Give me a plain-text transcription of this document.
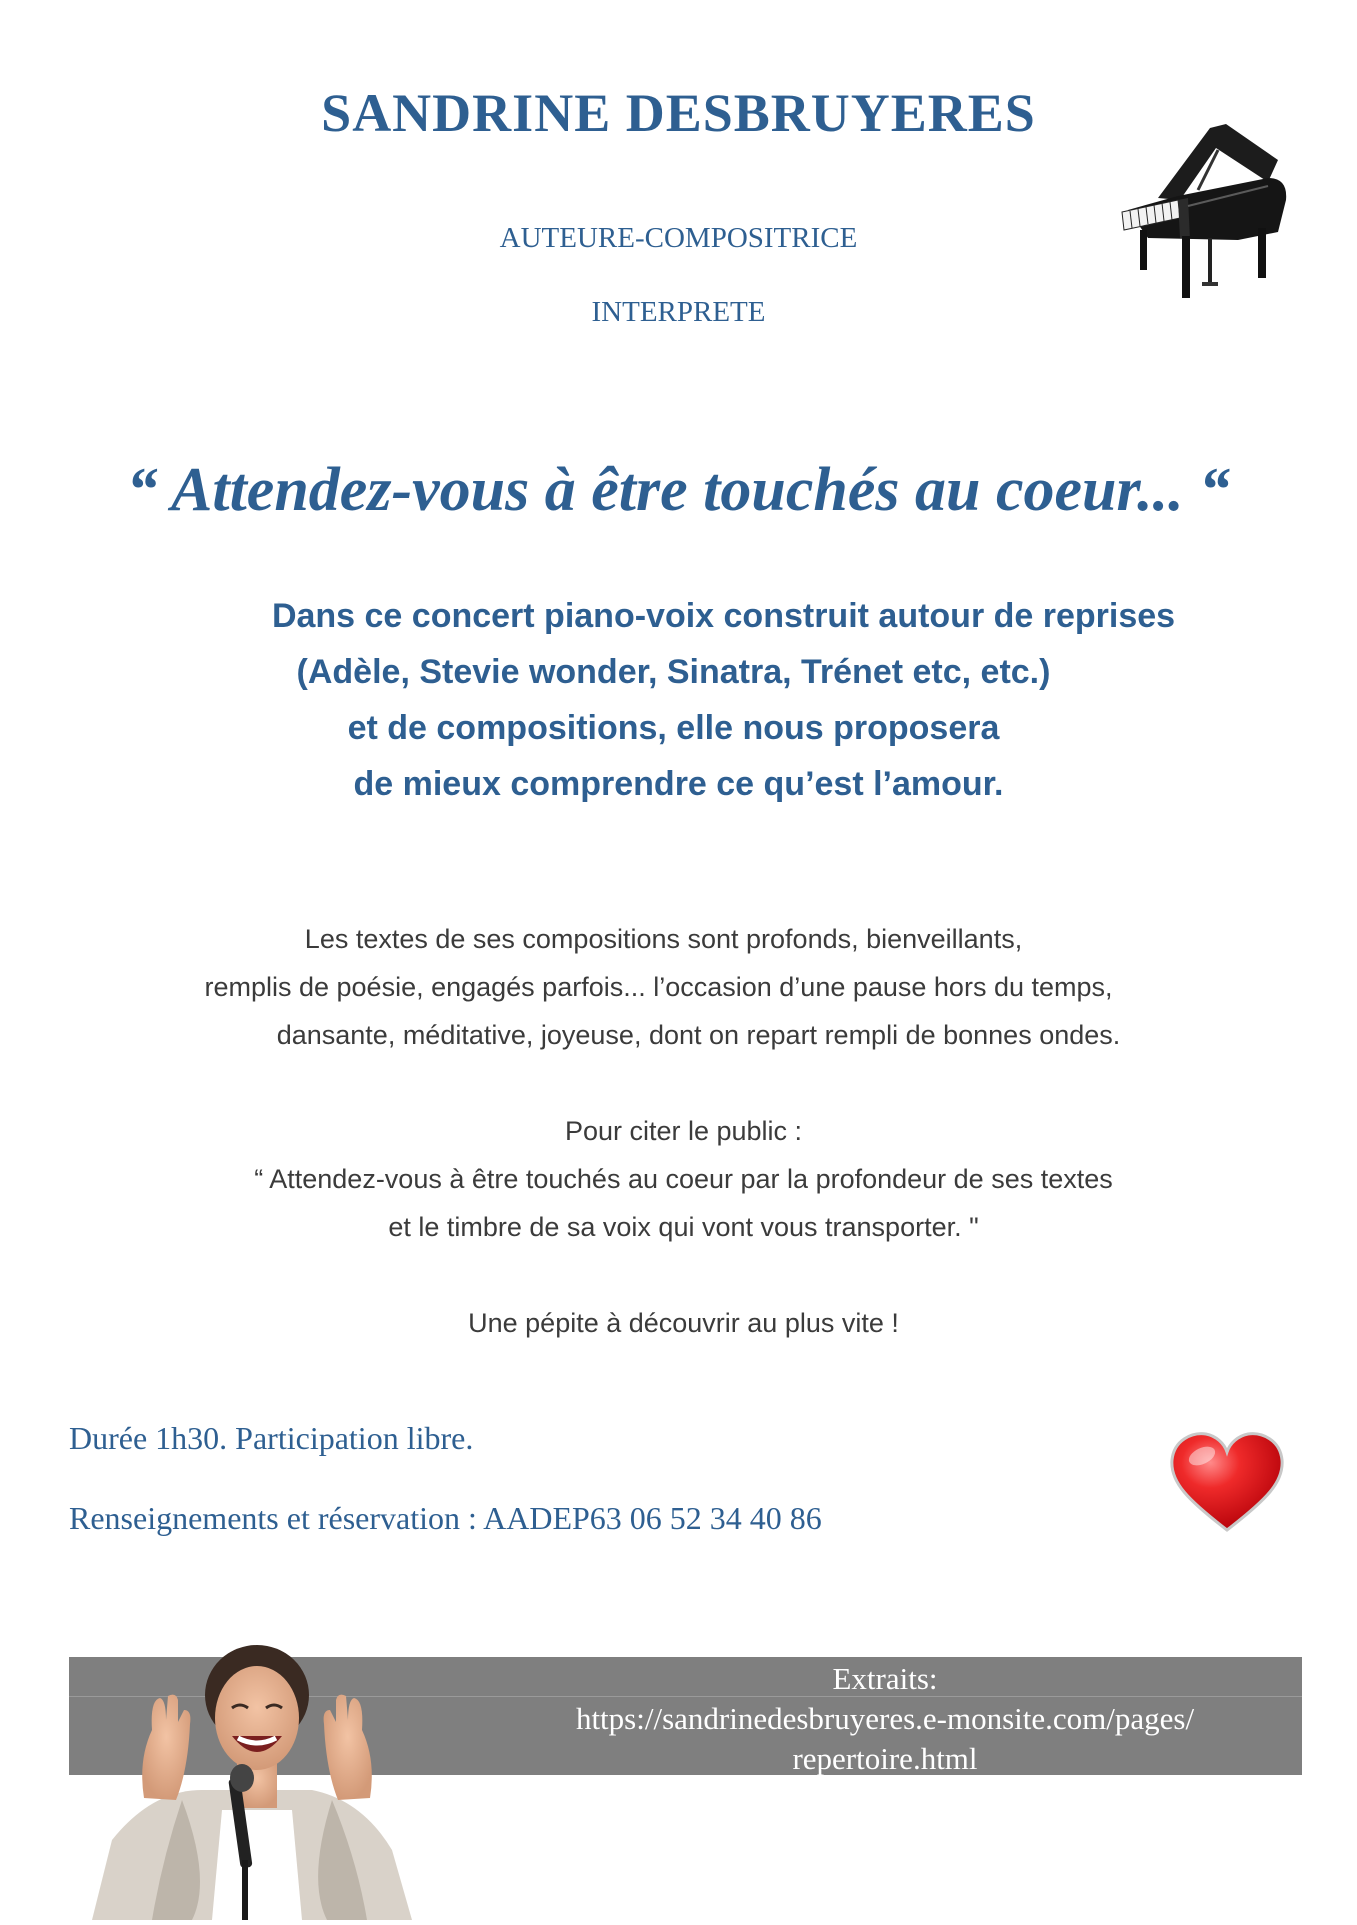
SANDRINE DESBRUYERES
AUTEURE-COMPOSITRICE
INTERPRETE
“ Attendez-vous à être touchés au coeur... “
Dans ce concert piano-voix construit autour de reprises
(Adèle, Stevie wonder, Sinatra, Trénet etc, etc.)
et de compositions, elle nous proposera
de mieux comprendre ce qu’est l’amour.
Les textes de ses compositions sont profonds, bienveillants,
remplis de poésie, engagés parfois... l’occasion d’une pause hors du temps,
dansante, méditative, joyeuse, dont on repart rempli de bonnes ondes.
Pour citer le public :
“ Attendez-vous à être touchés au coeur par la profondeur de ses textes
et le timbre de sa voix qui vont vous transporter. "
Une pépite à découvrir au plus vite !
Durée 1h30. Participation libre.
Renseignements et réservation : AADEP63 06 52 34 40 86
Extraits:
https://sandrinedesbruyeres.e-monsite.com/pages/
repertoire.html
